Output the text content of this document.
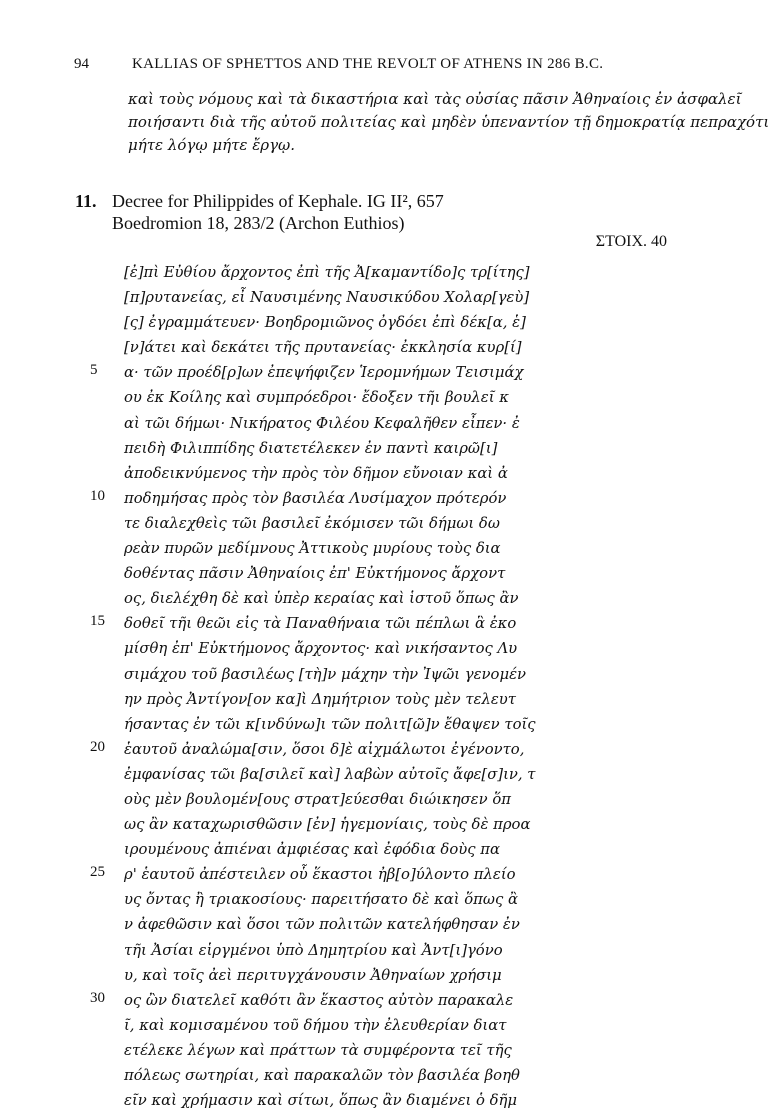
94	KALLIAS OF SPHETTOS AND THE REVOLT OF ATHENS IN 286 B.C.
καὶ τοὺς νόμους καὶ τὰ δικαστήρια καὶ τὰς οὐσίας πᾶσιν Ἀθηναίοις ἐν ἀσφαλεῖ
ποιήσαντι διὰ τῆς αὐτοῦ πολιτείας καὶ μηδὲν ὑπεναντίον τῇ δημοκρατίᾳ πεπραχότι
μήτε λόγῳ μήτε ἔργῳ.
11. Decree for Philippides of Kephale. IG II², 657
Boedromion 18, 283/2 (Archon Euthios)
ΣΤΟΙΧ. 40
[ἐ]πὶ Εὐθίου ἄρχοντος ἐπὶ τῆς Ἀ[καμαντίδο]ς τρ[ίτης]
[π]ρυτανείας, εἶ Ναυσιμένης Ναυσικύδου Χολαρ[γεὺ]
[ς] ἐγραμμάτευεν· Βοηδρομιῶνος ὀγδόει ἐπὶ δέκ[α, ἑ]
[ν]άτει καὶ δεκάτει τῆς πρυτανείας· ἐκκλησία κυρ[ί]
5 α· τῶν προέδ[ρ]ων ἐπεψήφιζεν Ἱερομνήμων Τεισιμάχ
ου ἐκ Κοίλης καὶ συμπρόεδροι· ἔδοξεν τῆι βουλεῖ κ
αὶ τῶι δήμωι· Νικήρατος Φιλέου Κεφαλῆθεν εἶπεν· ἐ
πειδὴ Φιλιππίδης διατετέλεκεν ἐν παντὶ καιρῶ[ι]
ἀποδεικνύμενος τὴν πρὸς τὸν δῆμον εὔνοιαν καὶ ἀ
10 ποδημήσας πρὸς τὸν βασιλέα Λυσίμαχον πρότερόν
τε διαλεχθεὶς τῶι βασιλεῖ ἐκόμισεν τῶι δήμωι δω
ρεὰν πυρῶν μεδίμνους Ἀττικοὺς μυρίους τοὺς δια
δοθέντας πᾶσιν Ἀθηναίοις ἐπ' Εὐκτήμονος ἄρχοντ
ος, διελέχθη δὲ καὶ ὑπὲρ κεραίας καὶ ἱστοῦ ὅπως ἂν
15 δοθεῖ τῆι θεῶι εἰς τὰ Παναθήναια τῶι πέπλωι ἃ ἐκο
μίσθη ἐπ' Εὐκτήμονος ἄρχοντος· καὶ νικήσαντος Λυ
σιμάχου τοῦ βασιλέως [τὴ]ν μάχην τὴν Ἰψῶι γενομέν
ην πρὸς Ἀντίγον[ον κα]ὶ Δημήτριον τοὺς μὲν τελευτ
ήσαντας ἐν τῶι κ[ινδύνω]ι τῶν πολιτ[ῶ]ν ἔθαψεν τοῖς
20 ἑαυτοῦ ἀναλώμα[σιν, ὅσοι δ]ὲ αἰχμάλωτοι ἐγένοντο,
ἐμφανίσας τῶι βα[σιλεῖ καὶ] λαβὼν αὐτοῖς ἄφε[σ]ιν, τ
οὺς μὲν βουλομέν[ους στρατ]εύεσθαι διώικησεν ὅπ
ως ἂν καταχωρισθῶσιν [ἐν] ἡγεμονίαις, τοὺς δὲ προα
ιρουμένους ἀπιέναι ἀμφιέσας καὶ ἐφόδια δοὺς πα
25 ρ' ἑαυτοῦ ἀπέστειλεν οὗ ἕκαστοι ἠβ[ο]ύλοντο πλείο
υς ὄντας ἢ τριακοσίους· παρειτήσατο δὲ καὶ ὅπως ἂ
ν ἀφεθῶσιν καὶ ὅσοι τῶν πολιτῶν κατελήφθησαν ἐν
τῆι Ἀσίαι εἱργμένοι ὑπὸ Δημητρίου καὶ Ἀντ[ι]γόνο
υ, καὶ τοῖς ἀεὶ περιτυγχάνουσιν Ἀθηναίων χρήσιμ
30 ος ὢν διατελεῖ καθότι ἂν ἕκαστος αὐτὸν παρακαλε
ῖ, καὶ κομισαμένου τοῦ δήμου τὴν ἐλευθερίαν διατ
ετέλεκε λέγων καὶ πράττων τὰ συμφέροντα τεῖ τῆς
πόλεως σωτηρίαι, καὶ παρακαλῶν τὸν βασιλέα βοηθ
εῖν καὶ χρήμασιν καὶ σίτωι, ὅπως ἂν διαμένει ὁ δῆμ
